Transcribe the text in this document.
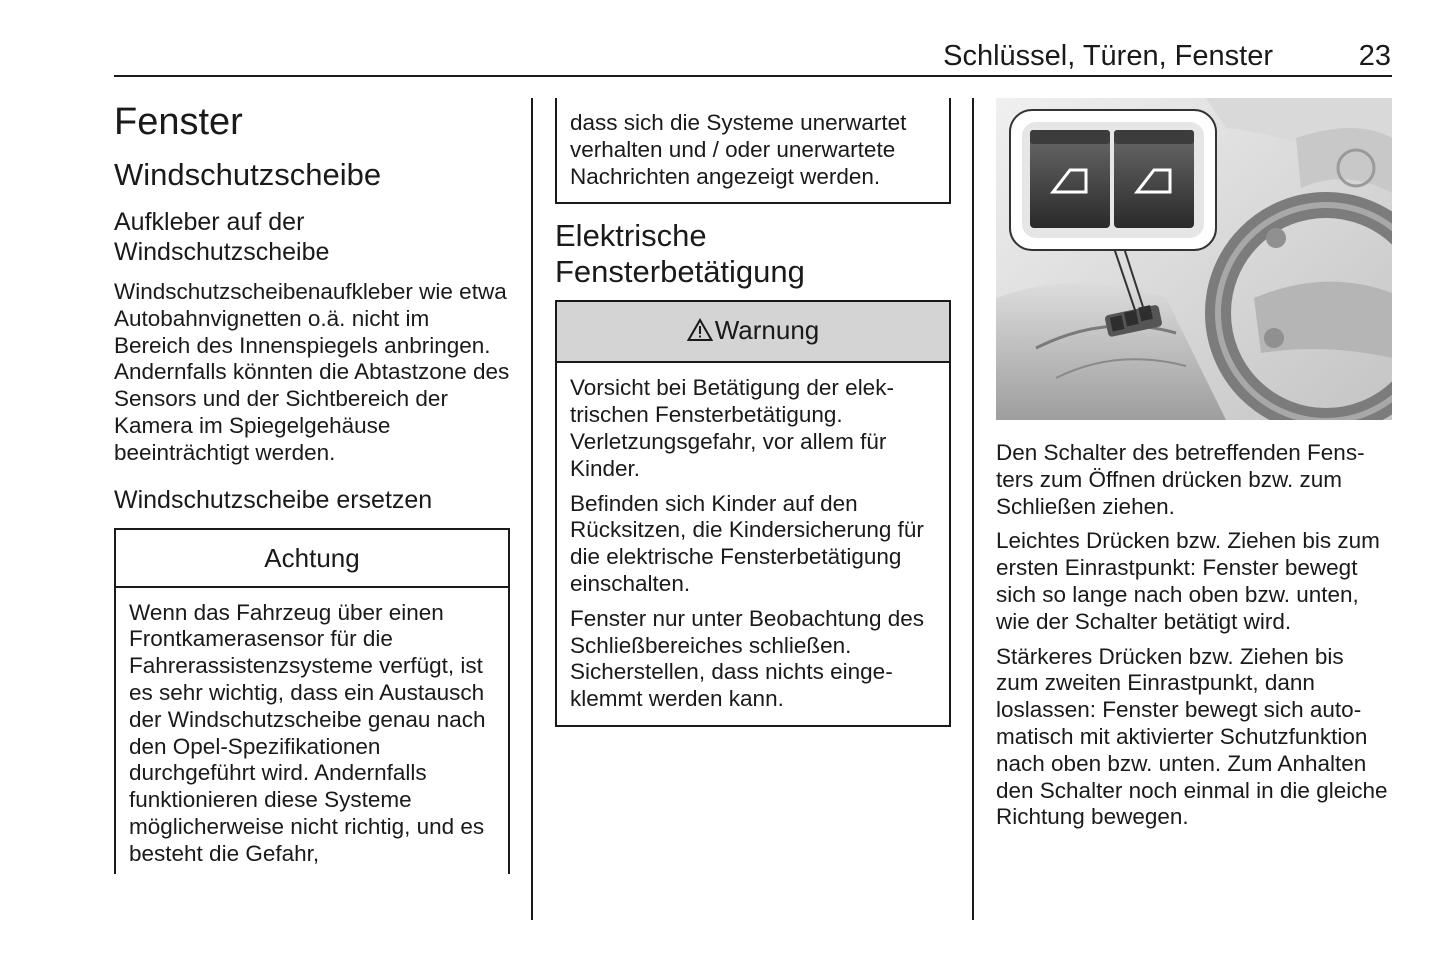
Schlüssel, Türen, Fenster	23
Fenster
Windschutzscheibe
Aufkleber auf der Windschutzscheibe

Windschutzscheibenaufkleber wie etwa Autobahnvignetten o.ä. nicht im Bereich des Innenspiegels anbringen. Andernfalls könnten die Abtastzone des Sensors und der Sichtbereich der Kamera im Spiegelgehäuse beeinträchtigt werden.

Windschutzscheibe ersetzen
Achtung

Wenn das Fahrzeug über einen Frontkamerasensor für die Fahrerassistenzsysteme verfügt, ist es sehr wichtig, dass ein Austausch der Windschutzscheibe genau nach den Opel-Spezifikationen durchgeführt wird. Andernfalls funktionieren diese Systeme möglicherweise nicht richtig, und es besteht die Gefahr,

dass sich die Systeme unerwartet verhalten und / oder unerwartete Nachrichten angezeigt werden.

Elektrische Fensterbetätigung
Warnung

Vorsicht bei Betätigung der elektrischen Fensterbetätigung. Verletzungsgefahr, vor allem für Kinder.

Befinden sich Kinder auf den Rücksitzen, die Kindersicherung für die elektrische Fensterbetätigung einschalten.

Fenster nur unter Beobachtung des Schließbereiches schließen. Sicherstellen, dass nichts eingeklemmt werden kann.

Den Schalter des betreffenden Fensters zum Öffnen drücken bzw. zum Schließen ziehen.

Leichtes Drücken bzw. Ziehen bis zum ersten Einrastpunkt: Fenster bewegt sich so lange nach oben bzw. unten, wie der Schalter betätigt wird.

Stärkeres Drücken bzw. Ziehen bis zum zweiten Einrastpunkt, dann loslassen: Fenster bewegt sich automatisch mit aktivierter Schutzfunktion nach oben bzw. unten. Zum Anhalten den Schalter noch einmal in die gleiche Richtung bewegen.
